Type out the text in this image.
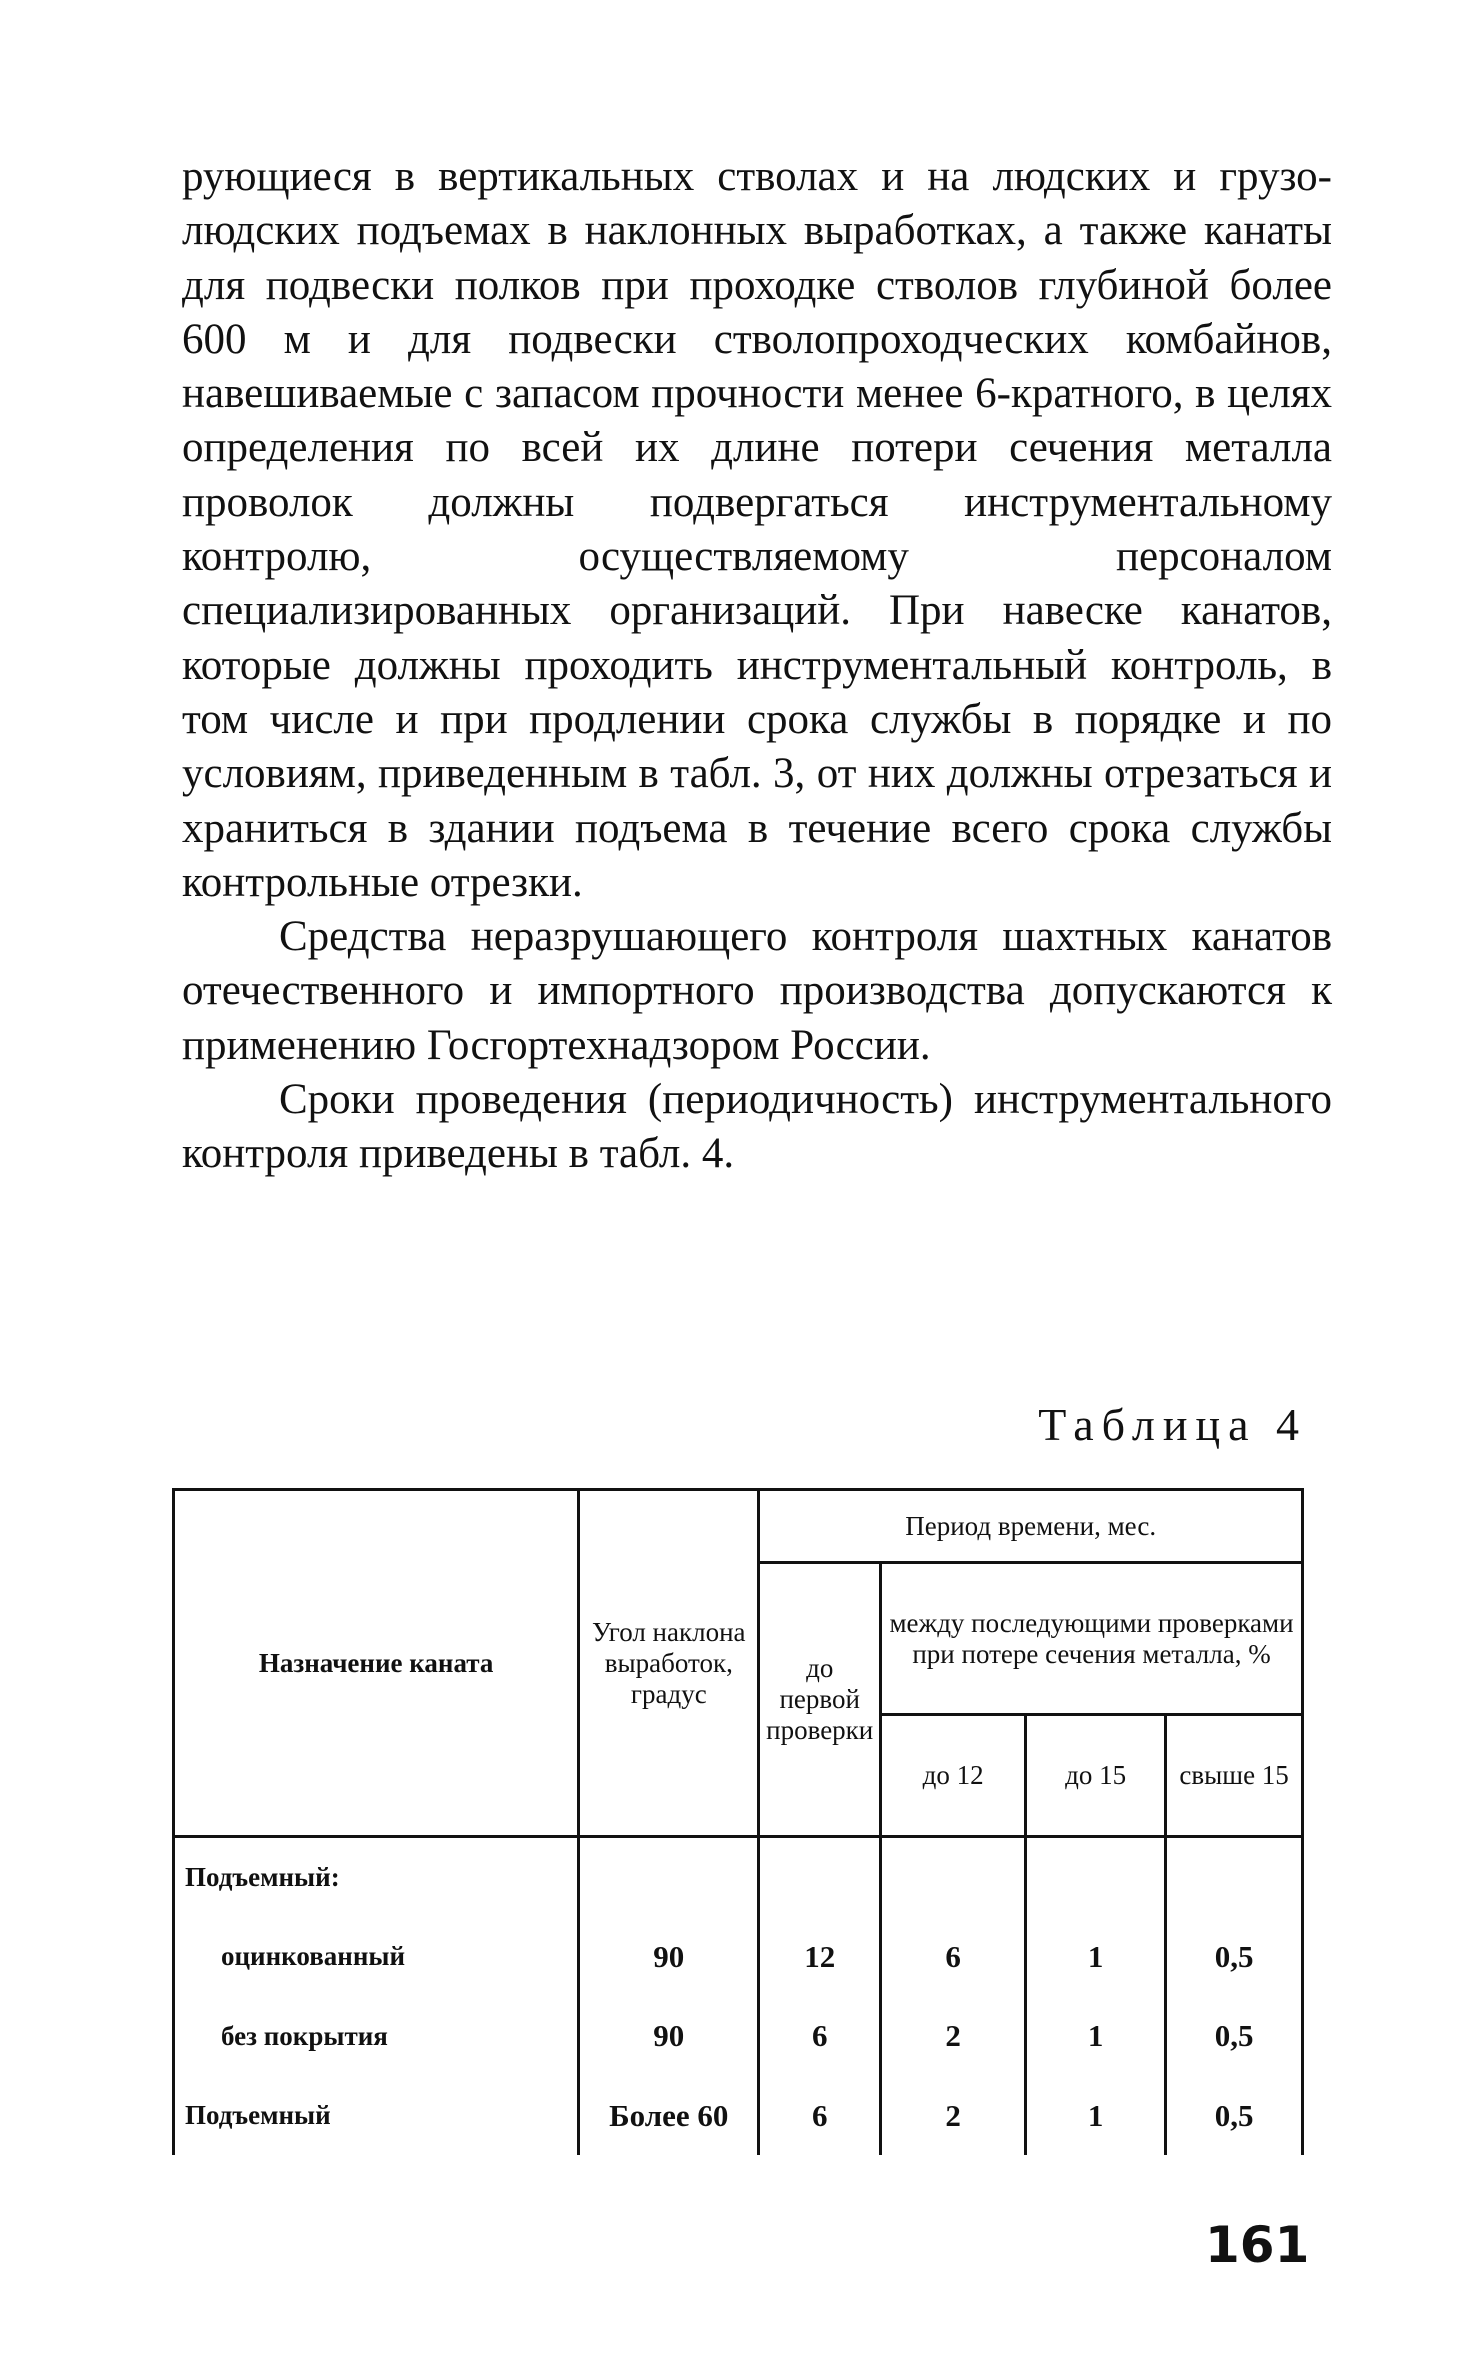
рующиеся в вертикальных стволах и на людских и грузо-людских подъемах в наклонных выработках, а также канаты для подвески полков при проходке стволов глубиной более 600 м и для подвески стволопроходческих комбайнов, навешиваемые с запасом прочности менее 6-кратного, в целях определения по всей их длине потери сечения металла проволок должны подвергаться инструментальному контролю, осуществляемому персоналом специализированных организаций. При навеске канатов, которые должны проходить инструментальный контроль, в том числе и при продлении срока службы в порядке и по условиям, приведенным в табл. 3, от них должны отрезаться и храниться в здании подъема в течение всего срока службы контрольные отрезки.

Средства неразрушающего контроля шахтных канатов отечественного и импортного производства допускаются к применению Госгортехнадзором России.

Сроки проведения (периодичность) инструментального контроля приведены в табл. 4.

Таблица 4
Назначение каната	Угол наклона выработок, градус	Период времени, мес.			
		до первой проверки	между последующими проверками при потере сечения металла, %		
			до 12	до 15	свыше 15
Подъемный:					
оцинкованный	90	12	6	1	0,5
без покрытия	90	6	2	1	0,5
Подъемный	Более 60	6	2	1	0,5
161
